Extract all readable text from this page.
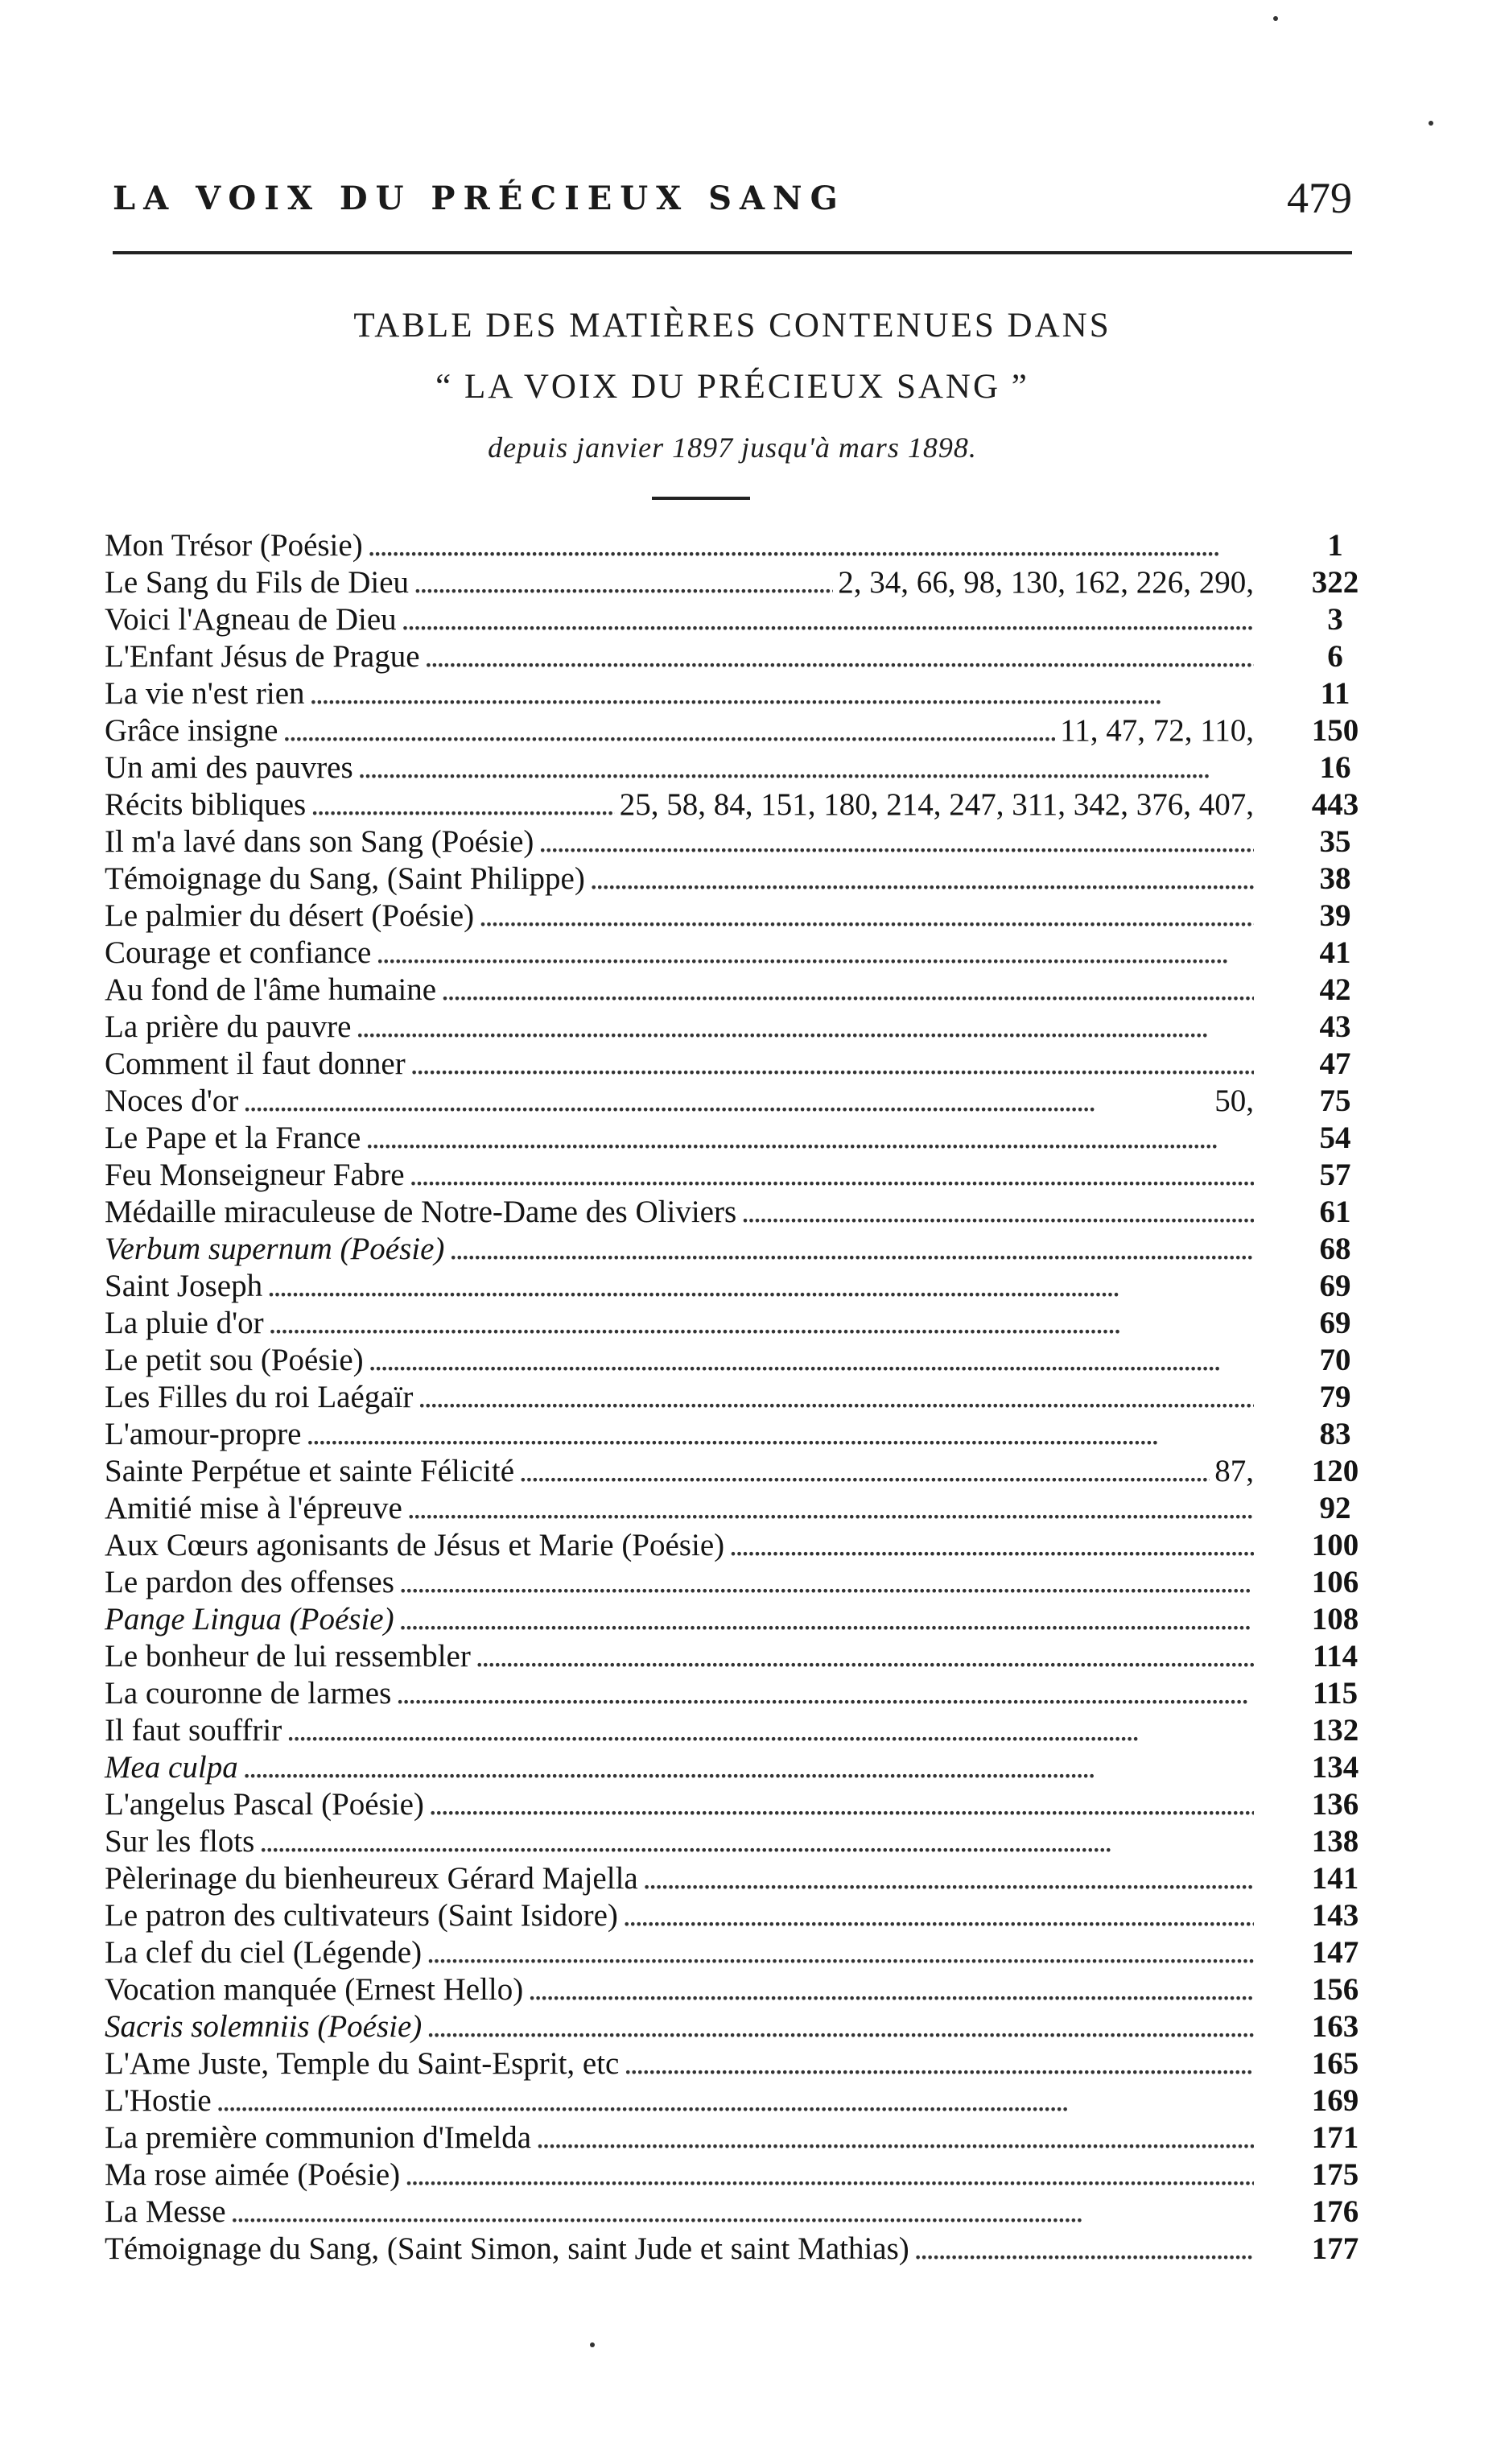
LA VOIX DU PRÉCIEUX SANG	479
TABLE DES MATIÈRES CONTENUES DANS
“ LA VOIX DU PRÉCIEUX SANG ”
depuis janvier 1897 jusqu'à mars 1898.
Mon Trésor (Poésie) . . .	1
Le Sang du Fils de Dieu . . .	2, 34, 66, 98, 130, 162, 226, 290, 322
Voici l'Agneau de Dieu . . .	3
L'Enfant Jésus de Prague . . .	6
La vie n'est rien . . .	11
Grâce insigne . . .	11, 47, 72, 110, 150
Un ami des pauvres . . .	16
Récits bibliques . . .	25, 58, 84, 151, 180, 214, 247, 311, 342, 376, 407, 443
Il m'a lavé dans son Sang (Poésie) . . .	35
Témoignage du Sang, (Saint Philippe) . . .	38
Le palmier du désert (Poésie) . . .	39
Courage et confiance . . .	41
Au fond de l'âme humaine . . .	42
La prière du pauvre . . .	43
Comment il faut donner . . .	47
Noces d'or . . .	50, 75
Le Pape et la France . . .	54
Feu Monseigneur Fabre . . .	57
Médaille miraculeuse de Notre-Dame des Oliviers . . .	61
Verbum supernum (Poésie) . . .	68
Saint Joseph . . .	69
La pluie d'or . . .	69
Le petit sou (Poésie) . . .	70
Les Filles du roi Laégaïr . . .	79
L'amour-propre . . .	83
Sainte Perpétue et sainte Félicité . . .	87, 120
Amitié mise à l'épreuve . . .	92
Aux Cœurs agonisants de Jésus et Marie (Poésie) . . .	100
Le pardon des offenses . . .	106
Pange Lingua (Poésie) . . .	108
Le bonheur de lui ressembler . . .	114
La couronne de larmes . . .	115
Il faut souffrir . . .	132
Mea culpa . . .	134
L'angelus Pascal (Poésie) . . .	136
Sur les flots . . .	138
Pèlerinage du bienheureux Gérard Majella . . .	141
Le patron des cultivateurs (Saint Isidore) . . .	143
La clef du ciel (Légende) . . .	147
Vocation manquée (Ernest Hello) . . .	156
Sacris solemniis (Poésie) . . .	163
L'Ame Juste, Temple du Saint-Esprit, etc . . .	165
L'Hostie . . .	169
La première communion d'Imelda . . .	171
Ma rose aimée (Poésie) . . .	175
La Messe . . .	176
Témoignage du Sang, (Saint Simon, saint Jude et saint Mathias) . . .	177
